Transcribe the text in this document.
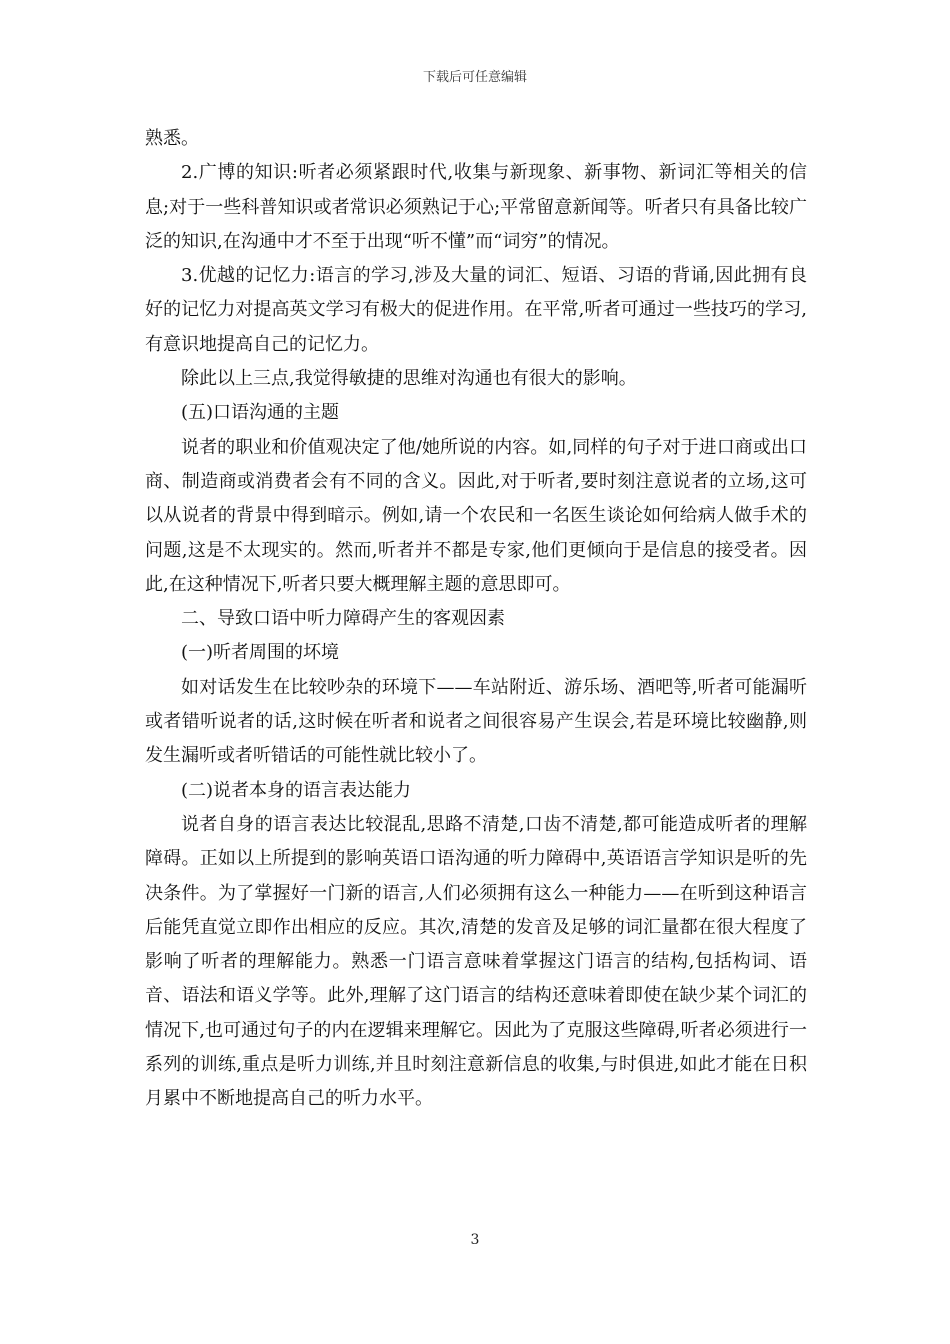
下载后可任意编辑

熟悉。

2.广博的知识:听者必须紧跟时代,收集与新现象、新事物、新词汇等相关的信息;对于一些科普知识或者常识必须熟记于心;平常留意新闻等。听者只有具备比较广泛的知识,在沟通中才不至于出现“听不懂”而“词穷”的情况。

3.优越的记忆力:语言的学习,涉及大量的词汇、短语、习语的背诵,因此拥有良好的记忆力对提高英文学习有极大的促进作用。在平常,听者可通过一些技巧的学习,有意识地提高自己的记忆力。

除此以上三点,我觉得敏捷的思维对沟通也有很大的影响。

(五)口语沟通的主题

说者的职业和价值观决定了他/她所说的内容。如,同样的句子对于进口商或出口商、制造商或消费者会有不同的含义。因此,对于听者,要时刻注意说者的立场,这可以从说者的背景中得到暗示。例如,请一个农民和一名医生谈论如何给病人做手术的问题,这是不太现实的。然而,听者并不都是专家,他们更倾向于是信息的接受者。因此,在这种情况下,听者只要大概理解主题的意思即可。

二、导致口语中听力障碍产生的客观因素

(一)听者周围的坏境

如对话发生在比较吵杂的环境下——车站附近、游乐场、酒吧等,听者可能漏听或者错听说者的话,这时候在听者和说者之间很容易产生误会,若是环境比较幽静,则发生漏听或者听错话的可能性就比较小了。

(二)说者本身的语言表达能力

说者自身的语言表达比较混乱,思路不清楚,口齿不清楚,都可能造成听者的理解障碍。正如以上所提到的影响英语口语沟通的听力障碍中,英语语言学知识是听的先决条件。为了掌握好一门新的语言,人们必须拥有这么一种能力——在听到这种语言后能凭直觉立即作出相应的反应。其次,清楚的发音及足够的词汇量都在很大程度了影响了听者的理解能力。熟悉一门语言意味着掌握这门语言的结构,包括构词、语音、语法和语义学等。此外,理解了这门语言的结构还意味着即使在缺少某个词汇的情况下,也可通过句子的内在逻辑来理解它。因此为了克服这些障碍,听者必须进行一系列的训练,重点是听力训练,并且时刻注意新信息的收集,与时俱进,如此才能在日积月累中不断地提高自己的听力水平。

3
